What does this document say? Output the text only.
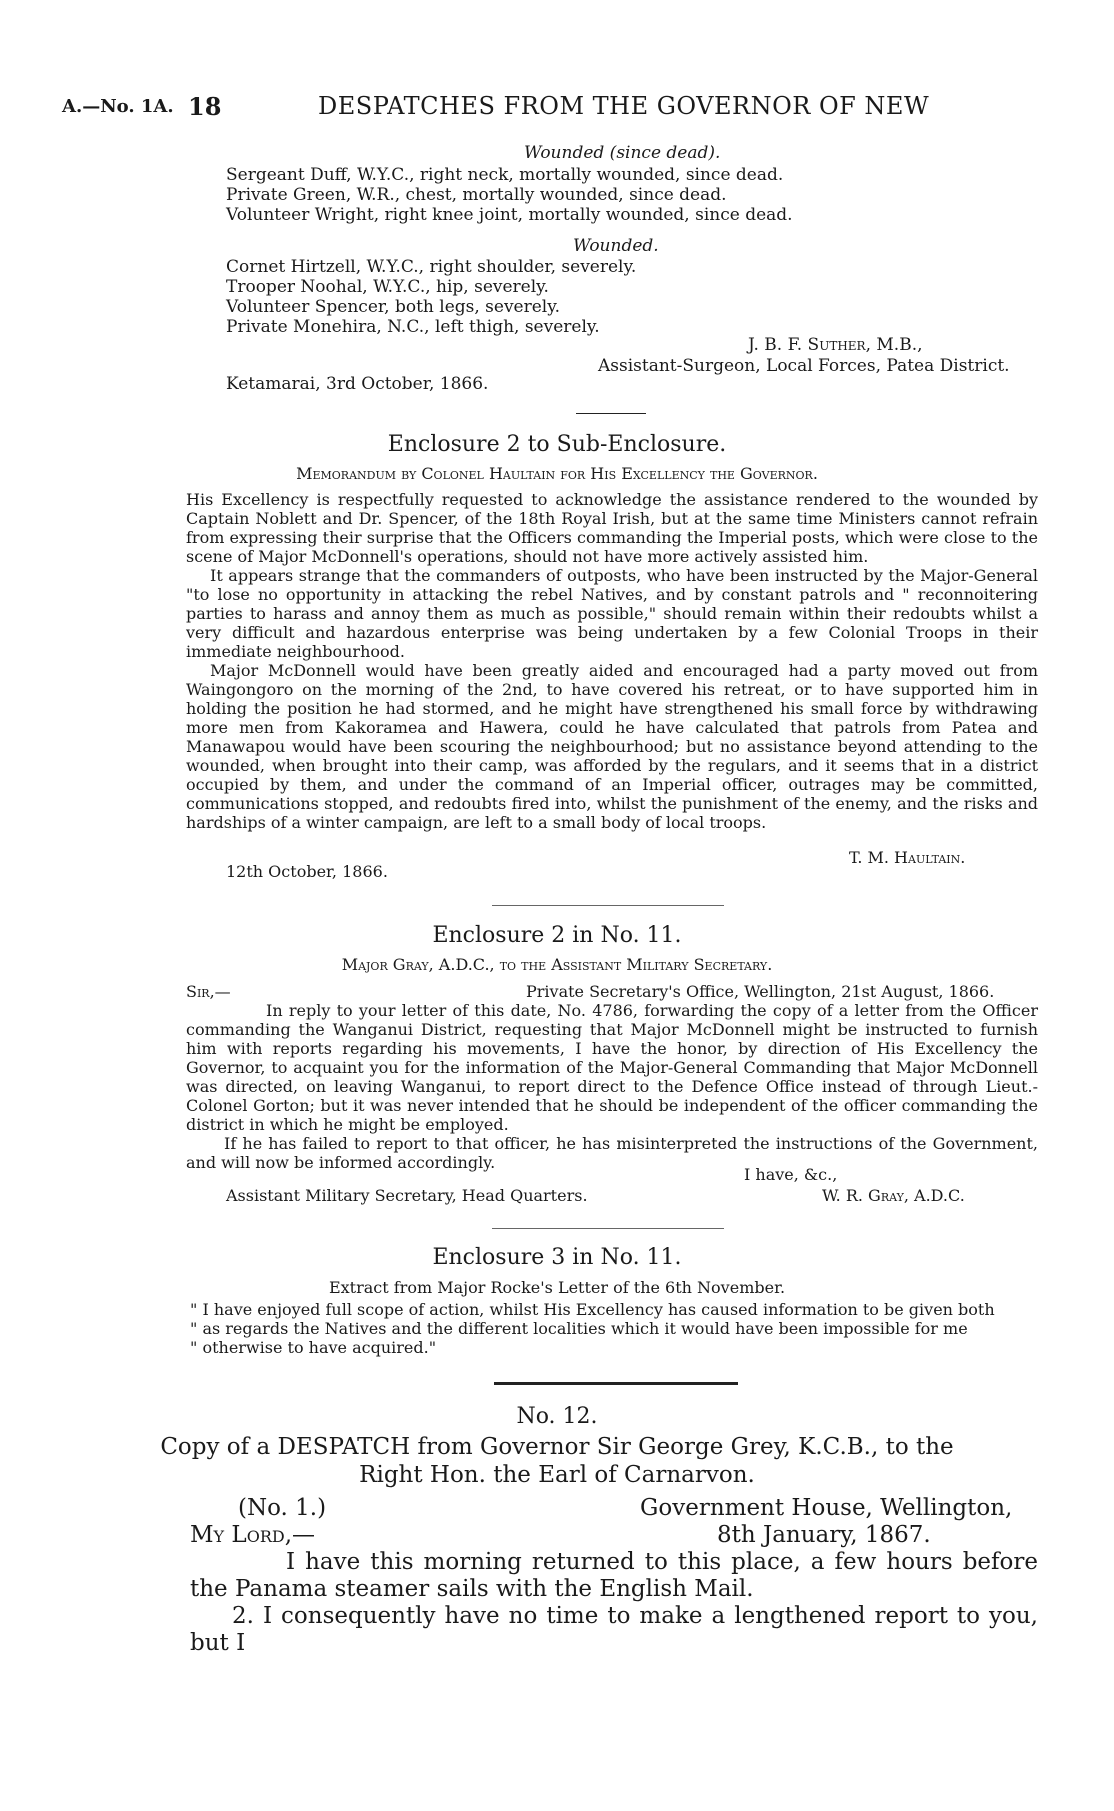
A.—No. 1A. 18	DESPATCHES FROM THE GOVERNOR OF NEW
Wounded (since dead).
Sergeant Duff, W.Y.C., right neck, mortally wounded, since dead.
Private Green, W.R., chest, mortally wounded, since dead.
Volunteer Wright, right knee joint, mortally wounded, since dead.
Wounded.
Cornet Hirtzell, W.Y.C., right shoulder, severely.
Trooper Noohal, W.Y.C., hip, severely.
Volunteer Spencer, both legs, severely.
Private Monehira, N.C., left thigh, severely.
J. B. F. Suther, M.B.,
Assistant-Surgeon, Local Forces, Patea District.
Ketamarai, 3rd October, 1866.
Enclosure 2 to Sub-Enclosure.
Memorandum by Colonel Haultain for His Excellency the Governor.

His Excellency is respectfully requested to acknowledge the assistance rendered to the wounded by Captain Noblett and Dr. Spencer, of the 18th Royal Irish, but at the same time Ministers cannot refrain from expressing their surprise that the Officers commanding the Imperial posts, which were close to the scene of Major McDonnell's operations, should not have more actively assisted him.

It appears strange that the commanders of outposts, who have been instructed by the Major-General "to lose no opportunity in attacking the rebel Natives, and by constant patrols and " reconnoitering parties to harass and annoy them as much as possible," should remain within their redoubts whilst a very difficult and hazardous enterprise was being undertaken by a few Colonial Troops in their immediate neighbourhood.

Major McDonnell would have been greatly aided and encouraged had a party moved out from Waingongoro on the morning of the 2nd, to have covered his retreat, or to have supported him in holding the position he had stormed, and he might have strengthened his small force by withdrawing more men from Kakoramea and Hawera, could he have calculated that patrols from Patea and Manawapou would have been scouring the neighbourhood; but no assistance beyond attending to the wounded, when brought into their camp, was afforded by the regulars, and it seems that in a district occupied by them, and under the command of an Imperial officer, outrages may be committed, communications stopped, and redoubts fired into, whilst the punishment of the enemy, and the risks and hardships of a winter campaign, are left to a small body of local troops.

T. M. Haultain.
12th October, 1866.
Enclosure 2 in No. 11.
Major Gray, A.D.C., to the Assistant Military Secretary.
Sir,—	Private Secretary's Office, Wellington, 21st August, 1866.

In reply to your letter of this date, No. 4786, forwarding the copy of a letter from the Officer commanding the Wanganui District, requesting that Major McDonnell might be instructed to furnish him with reports regarding his movements, I have the honor, by direction of His Excellency the Governor, to acquaint you for the information of the Major-General Commanding that Major McDonnell was directed, on leaving Wanganui, to report direct to the Defence Office instead of through Lieut.-Colonel Gorton; but it was never intended that he should be independent of the officer commanding the district in which he might be employed.

If he has failed to report to that officer, he has misinterpreted the instructions of the Government, and will now be informed accordingly.

I have, &c.,
Assistant Military Secretary, Head Quarters.	W. R. Gray, A.D.C.
Enclosure 3 in No. 11.
Extract from Major Rocke's Letter of the 6th November.
" I have enjoyed full scope of action, whilst His Excellency has caused information to be given both
" as regards the Natives and the different localities which it would have been impossible for me
" otherwise to have acquired."
No. 12.
Copy of a DESPATCH from Governor Sir George Grey, K.C.B., to the
Right Hon. the Earl of Carnarvon.
(No. 1.)	Government House, Wellington,
My Lord,—	8th January, 1867.

I have this morning returned to this place, a few hours before the Panama steamer sails with the English Mail.

2. I consequently have no time to make a lengthened report to you, but I
